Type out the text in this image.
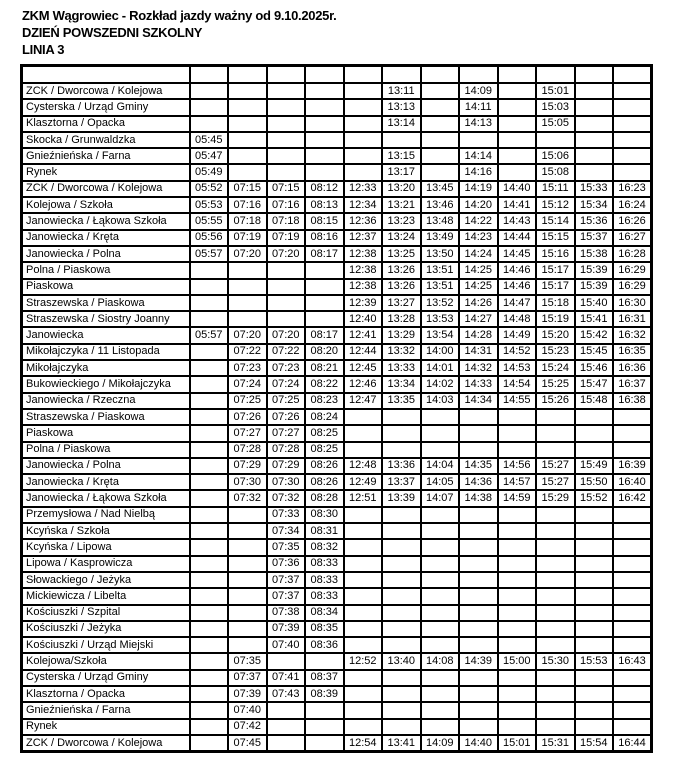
ZKM Wągrowiec - Rozkład jazdy ważny od 9.10.2025r.
DZIEŃ POWSZEDNI SZKOLNY
LINIA 3

ZCK / Dworcowa / Kolejowa						13:11		14:09		15:01		
Cysterska / Urząd Gminy						13:13		14:11		15:03		
Klasztorna / Opacka						13:14		14:13		15:05		
Skocka / Grunwaldzka	05:45											
Gnieźnieńska / Farna	05:47					13:15		14:14		15:06		
Rynek	05:49					13:17		14:16		15:08		
ZCK / Dworcowa / Kolejowa	05:52	07:15	07:15	08:12	12:33	13:20	13:45	14:19	14:40	15:11	15:33	16:23
Kolejowa / Szkoła	05:53	07:16	07:16	08:13	12:34	13:21	13:46	14:20	14:41	15:12	15:34	16:24
Janowiecka / Łąkowa Szkoła	05:55	07:18	07:18	08:15	12:36	13:23	13:48	14:22	14:43	15:14	15:36	16:26
Janowiecka / Kręta	05:56	07:19	07:19	08:16	12:37	13:24	13:49	14:23	14:44	15:15	15:37	16:27
Janowiecka / Polna	05:57	07:20	07:20	08:17	12:38	13:25	13:50	14:24	14:45	15:16	15:38	16:28
Polna / Piaskowa					12:38	13:26	13:51	14:25	14:46	15:17	15:39	16:29
Piaskowa					12:38	13:26	13:51	14:25	14:46	15:17	15:39	16:29
Straszewska / Piaskowa					12:39	13:27	13:52	14:26	14:47	15:18	15:40	16:30
Straszewska / Siostry Joanny					12:40	13:28	13:53	14:27	14:48	15:19	15:41	16:31
Janowiecka	05:57	07:20	07:20	08:17	12:41	13:29	13:54	14:28	14:49	15:20	15:42	16:32
Mikołajczyka / 11 Listopada		07:22	07:22	08:20	12:44	13:32	14:00	14:31	14:52	15:23	15:45	16:35
Mikołajczyka		07:23	07:23	08:21	12:45	13:33	14:01	14:32	14:53	15:24	15:46	16:36
Bukowieckiego / Mikołajczyka		07:24	07:24	08:22	12:46	13:34	14:02	14:33	14:54	15:25	15:47	16:37
Janowiecka / Rzeczna		07:25	07:25	08:23	12:47	13:35	14:03	14:34	14:55	15:26	15:48	16:38
Straszewska / Piaskowa		07:26	07:26	08:24								
Piaskowa		07:27	07:27	08:25								
Polna / Piaskowa		07:28	07:28	08:25								
Janowiecka / Polna		07:29	07:29	08:26	12:48	13:36	14:04	14:35	14:56	15:27	15:49	16:39
Janowiecka / Kręta		07:30	07:30	08:26	12:49	13:37	14:05	14:36	14:57	15:27	15:50	16:40
Janowiecka / Łąkowa Szkoła		07:32	07:32	08:28	12:51	13:39	14:07	14:38	14:59	15:29	15:52	16:42
Przemysłowa / Nad Nielbą			07:33	08:30								
Kcyńska / Szkoła			07:34	08:31								
Kcyńska / Lipowa			07:35	08:32								
Lipowa / Kasprowicza			07:36	08:33								
Słowackiego / Jeżyka			07:37	08:33								
Mickiewicza / Libelta			07:37	08:33								
Kościuszki / Szpital			07:38	08:34								
Kościuszki / Jeżyka			07:39	08:35								
Kościuszki / Urząd Miejski			07:40	08:36								
Kolejowa/Szkoła		07:35			12:52	13:40	14:08	14:39	15:00	15:30	15:53	16:43
Cysterska / Urząd Gminy		07:37	07:41	08:37								
Klasztorna / Opacka		07:39	07:43	08:39								
Gnieźnieńska / Farna		07:40										
Rynek		07:42										
ZCK / Dworcowa / Kolejowa		07:45			12:54	13:41	14:09	14:40	15:01	15:31	15:54	16:44
